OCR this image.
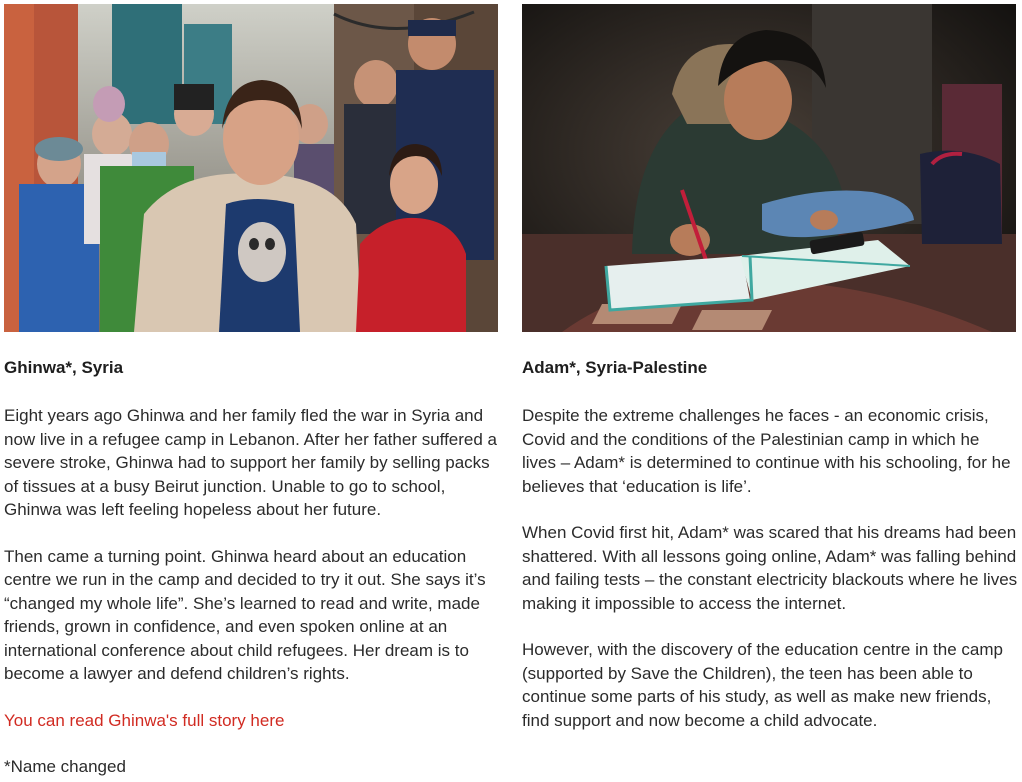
Ghinwa*, Syria

Eight years ago Ghinwa and her family fled the war in Syria and now live in a refugee camp in Lebanon. After her father suffered a severe stroke, Ghinwa had to support her family by selling packs of tissues at a busy Beirut junction. Unable to go to school, Ghinwa was left feeling hopeless about her future.

Then came a turning point. Ghinwa heard about an education centre we run in the camp and decided to try it out. She says it’s “changed my whole life”. She’s learned to read and write, made friends, grown in confidence, and even spoken online at an international conference about child refugees. Her dream is to become a lawyer and defend children’s rights.

You can read Ghinwa's full story here

*Name changed

Adam*, Syria-Palestine

Despite the extreme challenges he faces - an economic crisis, Covid and the conditions of the Palestinian camp in which he lives – Adam* is determined to continue with his schooling, for he believes that ‘education is life’.

When Covid first hit, Adam* was scared that his dreams had been shattered. With all lessons going online, Adam* was falling behind and failing tests – the constant electricity blackouts where he lives making it impossible to access the internet.

However, with the discovery of the education centre in the camp (supported by Save the Children), the teen has been able to continue some parts of his study, as well as make new friends, find support and now become a child advocate.
